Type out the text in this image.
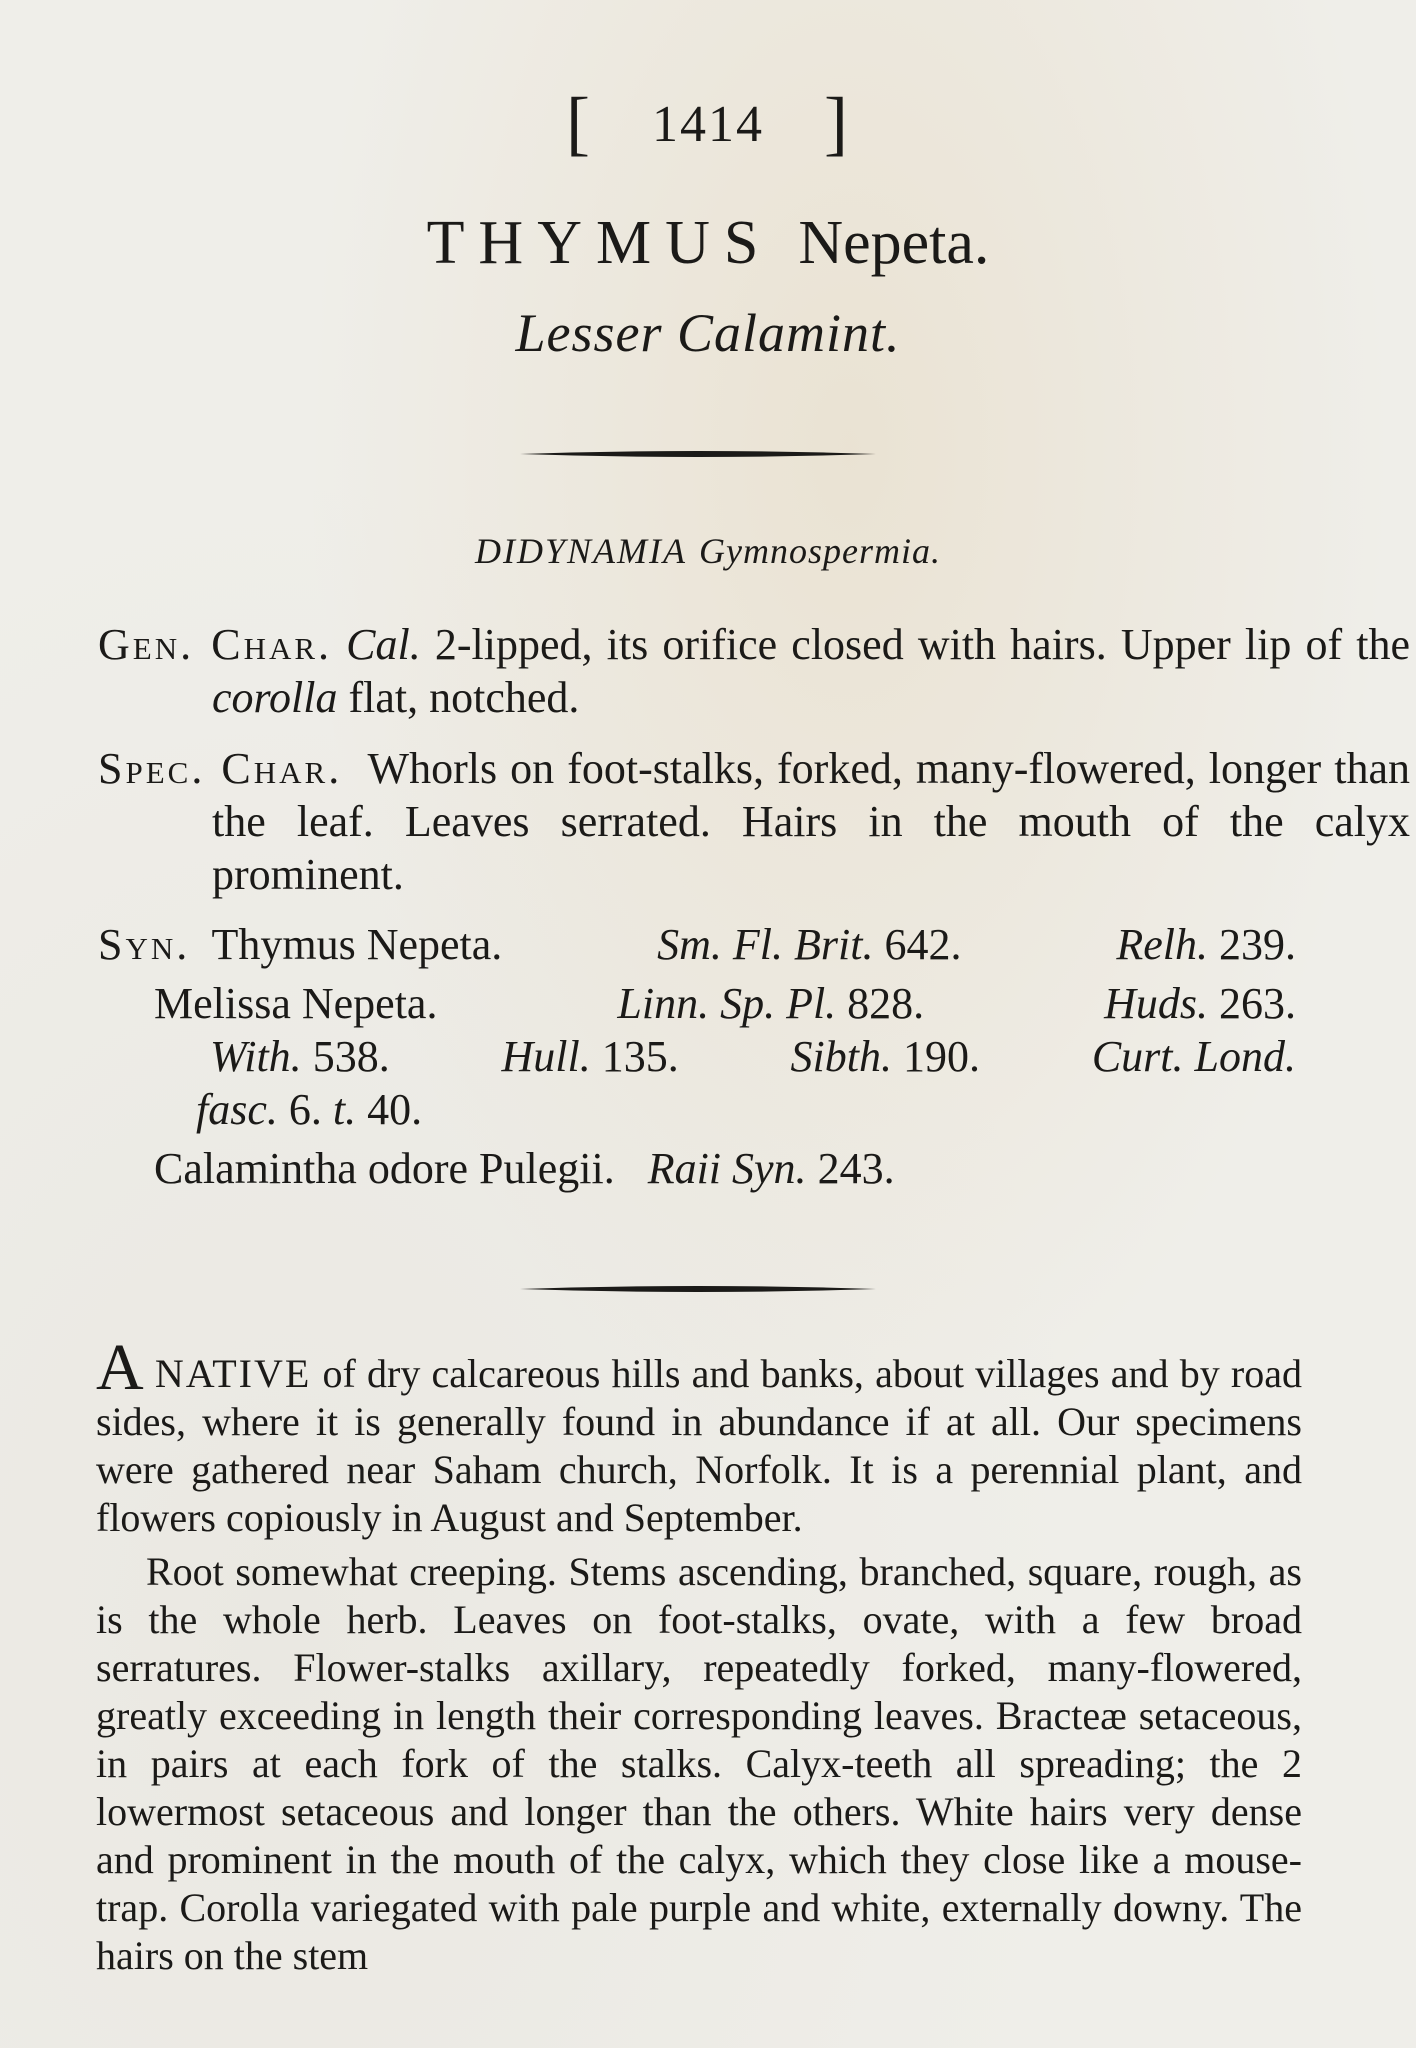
[ 1414 ]
THYMUS Nepeta.
Lesser Calamint.
DIDYNAMIA Gymnospermia.
Gen. Char. Cal. 2-lipped, its orifice closed with hairs. Upper lip of the corolla flat, notched.
Spec. Char. Whorls on foot-stalks, forked, many-flowered, longer than the leaf. Leaves serrated. Hairs in the mouth of the calyx prominent.
Syn. Thymus Nepeta.	Sm. Fl. Brit. 642.	Relh. 239.
Melissa Nepeta.	Linn. Sp. Pl. 828.	Huds. 263.
With. 538.	Hull. 135.	Sibth. 190.	Curt. Lond.
fasc. 6. t. 40.
Calamintha odore Pulegii. Raii Syn. 243.

A NATIVE of dry calcareous hills and banks, about villages and by road sides, where it is generally found in abundance if at all. Our specimens were gathered near Saham church, Norfolk. It is a perennial plant, and flowers copiously in August and September.

Root somewhat creeping. Stems ascending, branched, square, rough, as is the whole herb. Leaves on foot-stalks, ovate, with a few broad serratures. Flower-stalks axillary, repeatedly forked, many-flowered, greatly exceeding in length their corresponding leaves. Bracteæ setaceous, in pairs at each fork of the stalks. Calyx-teeth all spreading; the 2 lowermost setaceous and longer than the others. White hairs very dense and prominent in the mouth of the calyx, which they close like a mouse-trap. Corolla variegated with pale purple and white, externally downy. The hairs on the stem
